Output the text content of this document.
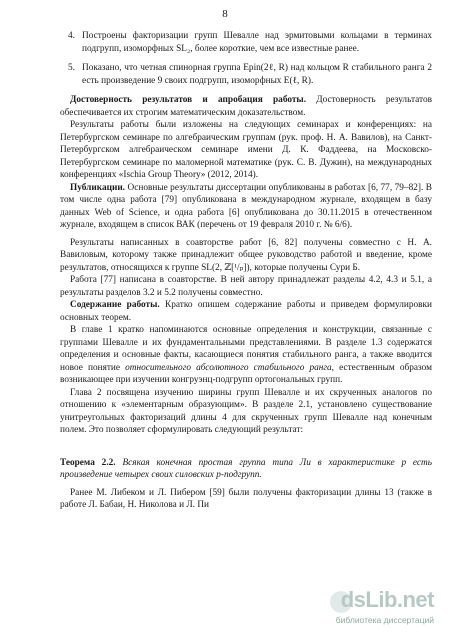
8
4. Построены факторизации групп Шевалле над эрмитовыми кольцами в терминах подгрупп, изоморфных SL₂, более короткие, чем все известные ранее.
5. Показано, что четная спинорная группа Epin(2ℓ, R) над кольцом R стабильного ранга 2 есть произведение 9 своих подгрупп, изоморфных E(ℓ, R).

Достоверность результатов и апробация работы. Достоверность результатов обеспечивается их строгим математическим доказательством.

Результаты работы были изложены на следующих семинарах и конференциях: на Петербургском семинаре по алгебраическим группам (рук. проф. Н. А. Вавилов), на Санкт-Петербургском алгебраическом семинаре имени Д. К. Фаддеева, на Московско-Петербургском семинаре по маломерной математике (рук. С. В. Дужин), на международных конференциях «Ischia Group Theory» (2012, 2014).

Публикации. Основные результаты диссертации опубликованы в работах [6, 77, 79–82]. В том числе одна работа [79] опубликована в международном журнале, входящем в базу данных Web of Science, и одна работа [6] опубликована до 30.11.2015 в отечественном журнале, входящем в список ВАК (перечень от 19 февраля 2010 г. № 6/6).

Результаты написанных в соавторстве работ [6, 82] получены совместно с Н. А. Вавиловым, которому также принадлежит общее руководство работой и введение, кроме результатов, относящихся к группе SL(2, ℤ[¹/ₚ]), которые получены Сури Б.

Работа [77] написана в соавторстве. В ней автору принадлежат разделы 4.2, 4.3 и 5.1, а результаты разделов 3.2 и 5.2 получены совместно.

Содержание работы. Кратко опишем содержание работы и приведем формулировки основных теорем.

В главе 1 кратко напоминаются основные определения и конструкции, связанные с группами Шевалле и их фундаментальными представлениями. В разделе 1.3 содержатся определения и основные факты, касающиеся понятия стабильного ранга, а также вводится новое понятие относительного абсолютного стабильного ранга, естественным образом возникающее при изучении конгруэнц-подгрупп ортогональных групп.

Глава 2 посвящена изучению ширины групп Шевалле и их скрученных аналогов по отношению к «элементарным образующим». В разделе 2.1, установлено существование унитреугольных факторизаций длины 4 для скрученных групп Шевалле над конечным полем. Это позволяет сформулировать следующий результат:

Теорема 2.2. Всякая конечная простая группа типа Ли в характеристике p есть произведение четырех своих силовских p-подгрупп.

Ранее М. Либеком и Л. Пибером [59] были получены факторизации длины 13 (также в работе Л. Бабаи, Н. Николова и Л. Пи

dsLib.net
библиотека диссертаций
